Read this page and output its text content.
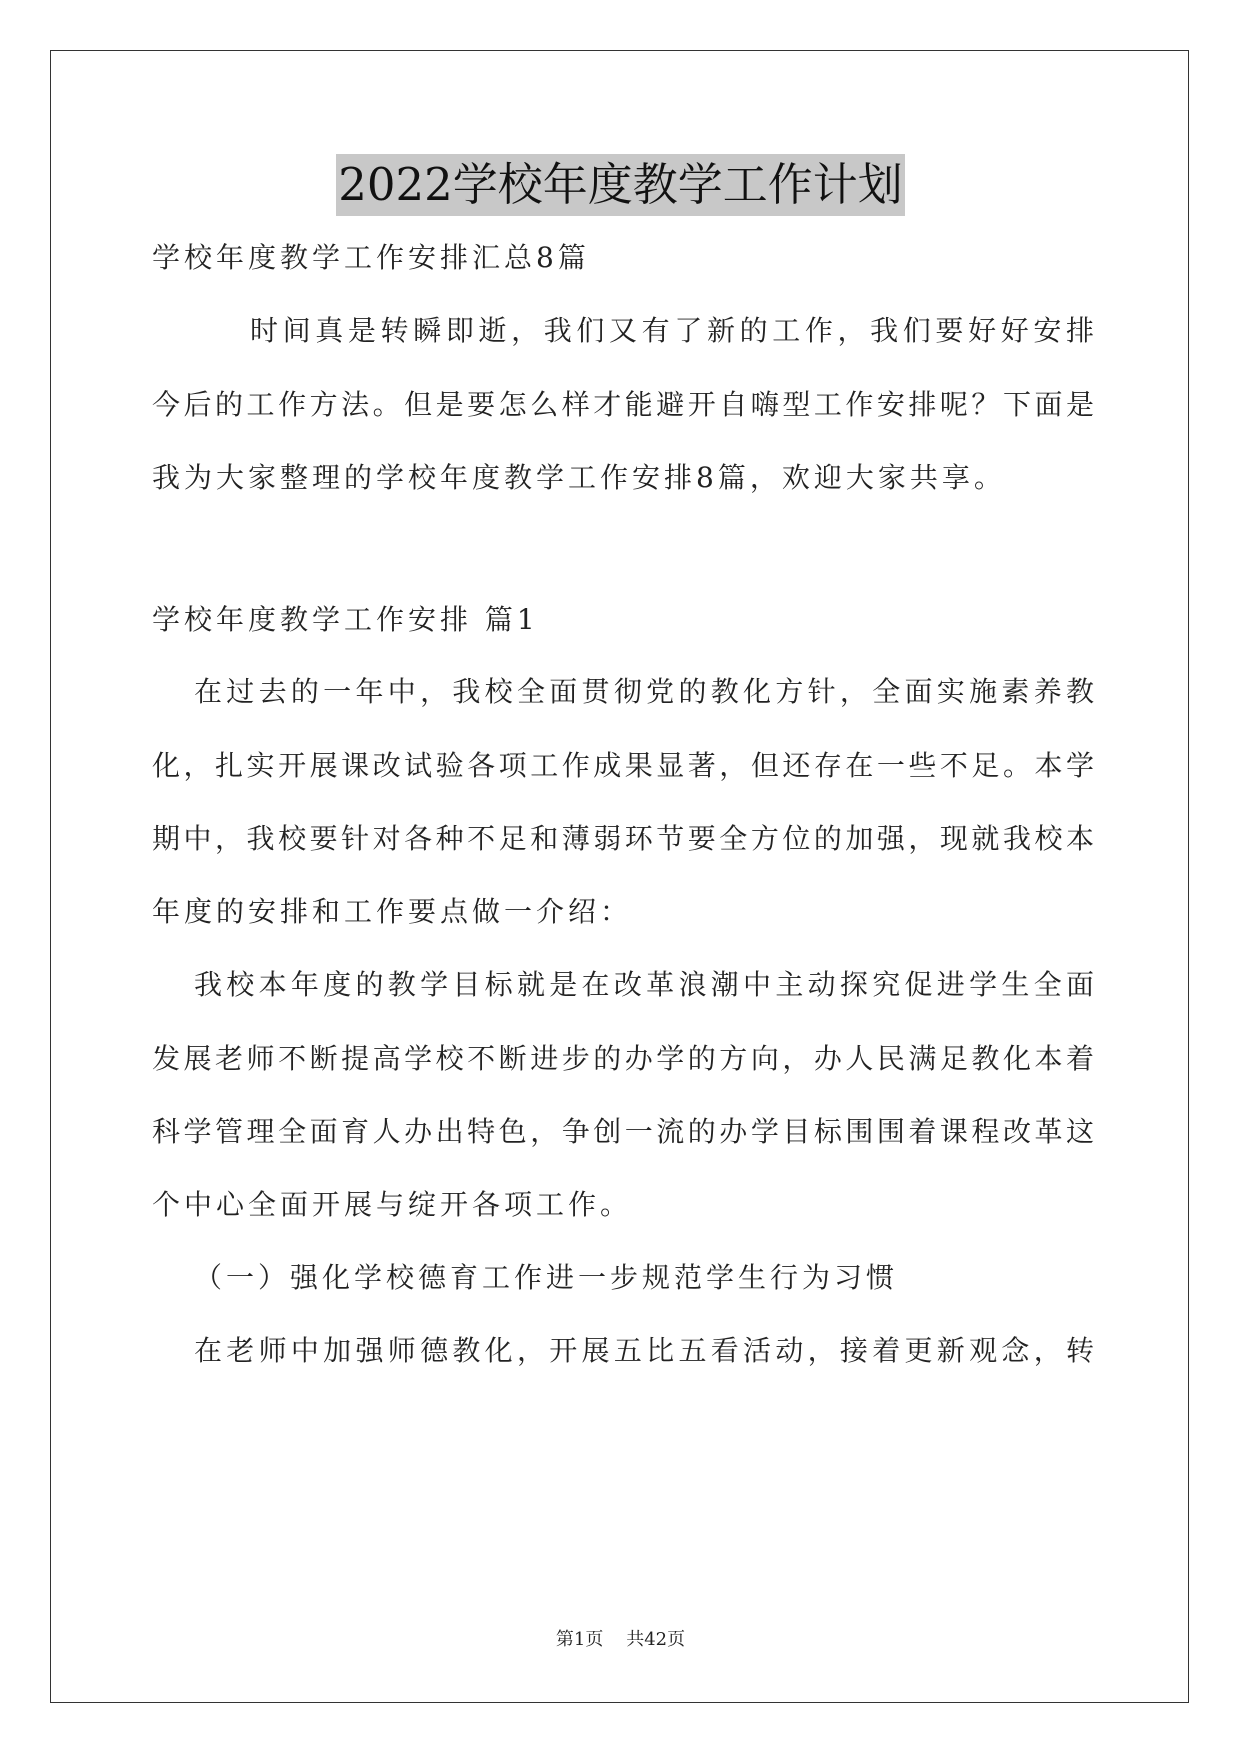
2022学校年度教学工作计划
学校年度教学工作安排汇总8篇
时间真是转瞬即逝，我们又有了新的工作，我们要好好安排
今后的工作方法。但是要怎么样才能避开自嗨型工作安排呢？下面是
我为大家整理的学校年度教学工作安排8篇，欢迎大家共享。
学校年度教学工作安排 篇1
在过去的一年中，我校全面贯彻党的教化方针，全面实施素养教
化，扎实开展课改试验各项工作成果显著，但还存在一些不足。本学
期中，我校要针对各种不足和薄弱环节要全方位的加强，现就我校本
年度的安排和工作要点做一介绍：
我校本年度的教学目标就是在改革浪潮中主动探究促进学生全面
发展老师不断提高学校不断进步的办学的方向，办人民满足教化本着
科学管理全面育人办出特色，争创一流的办学目标围围着课程改革这
个中心全面开展与绽开各项工作。
（一）强化学校德育工作进一步规范学生行为习惯
在老师中加强师德教化，开展五比五看活动，接着更新观念，转
第1页 共42页
